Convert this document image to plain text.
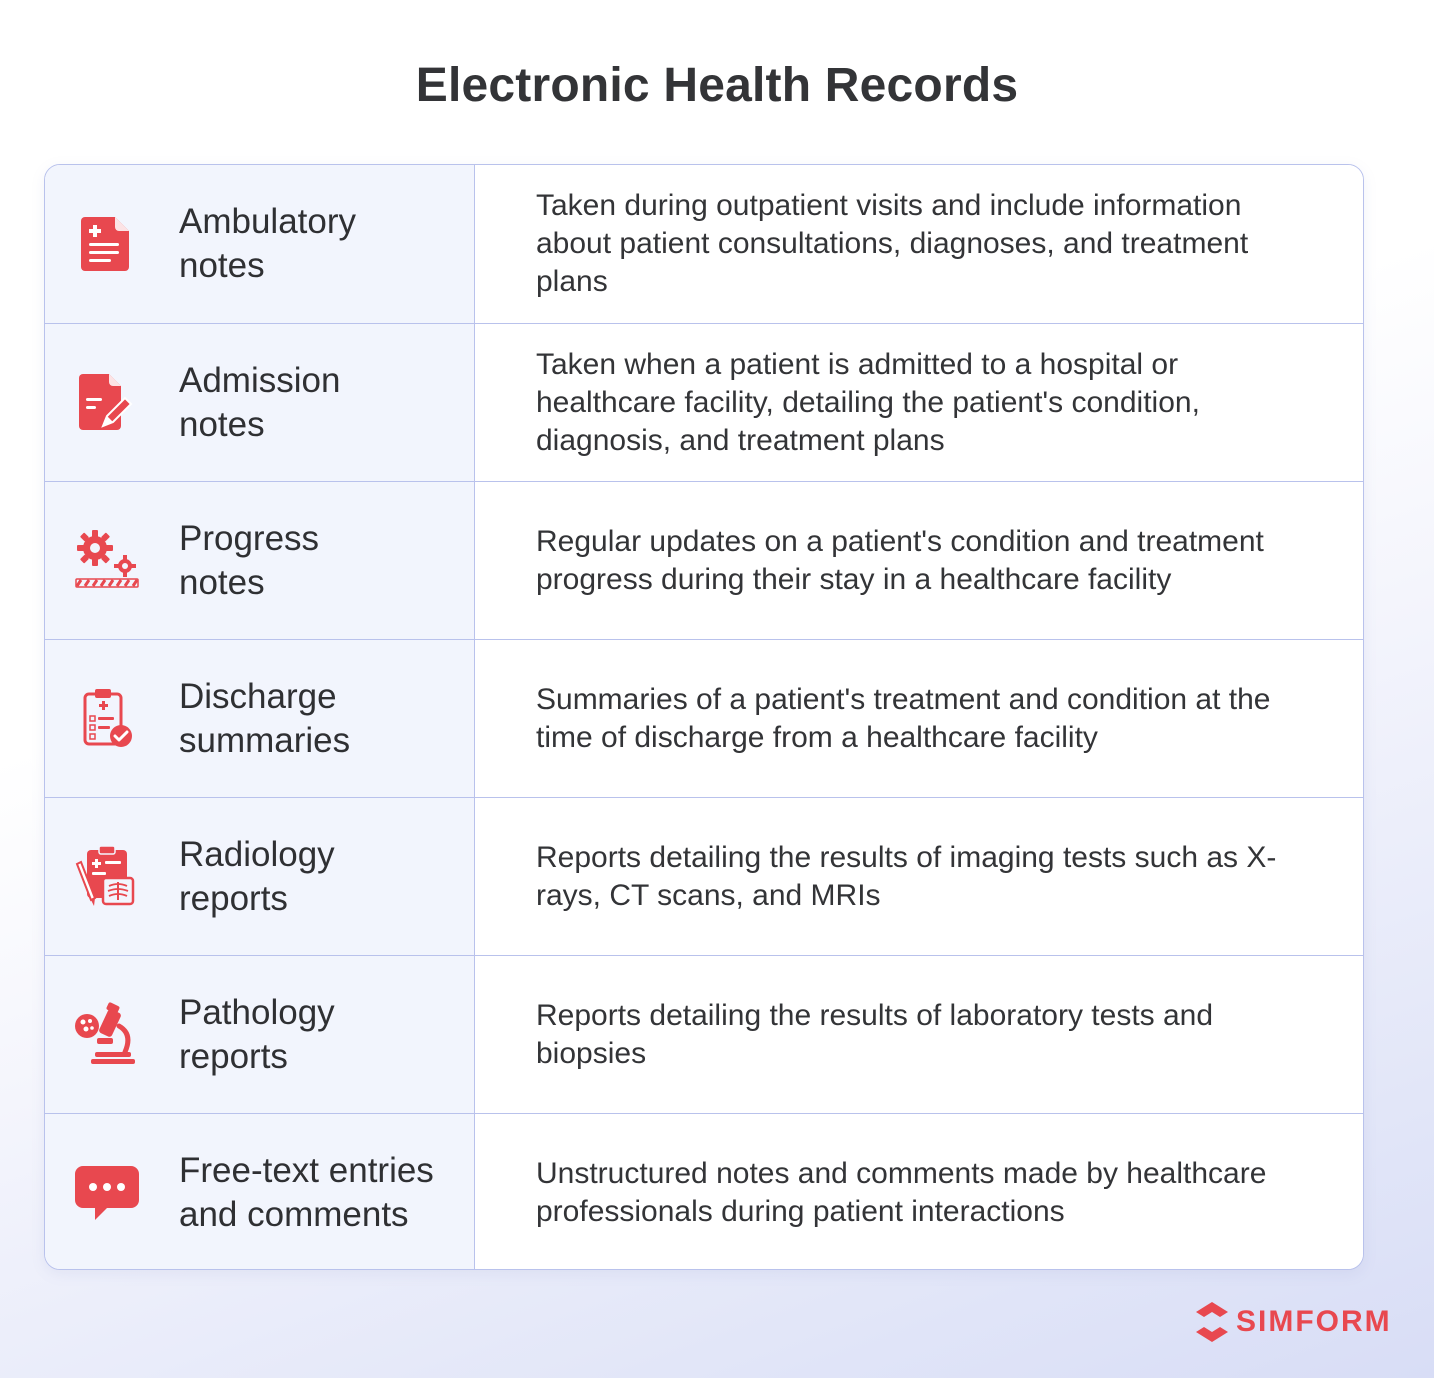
Electronic Health Records
Ambulatory
notes
Taken during outpatient visits and include information about patient consultations, diagnoses, and treatment plans
Admission
notes
Taken when a patient is admitted to a hospital or healthcare facility, detailing the patient's condition, diagnosis, and treatment plans
Progress
notes
Regular updates on a patient's condition and treatment progress during their stay in a healthcare facility
Discharge
summaries
Summaries of a patient's treatment and condition at the time of discharge from a healthcare facility
Radiology
reports
Reports detailing the results of imaging tests such as X-rays, CT scans, and MRIs
Pathology
reports
Reports detailing the results of laboratory tests and biopsies
Free-text entries
and comments
Unstructured notes and comments made by healthcare professionals during patient interactions
SIMFORM
